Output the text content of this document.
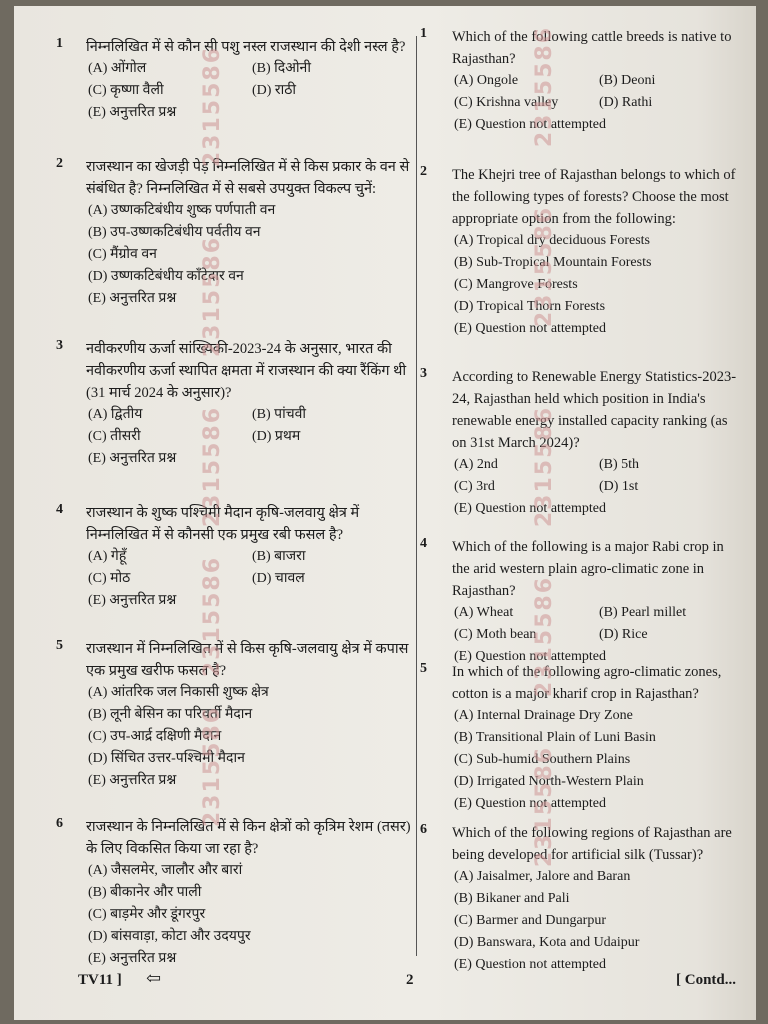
1 निम्नलिखित में से कौन सी पशु नस्ल राजस्थान की देशी नस्ल है?
(A) ओंगोल	(B) दिओनी
(C) कृष्णा वैली	(D) राठी
(E) अनुत्तरित प्रश्न
2 राजस्थान का खेजड़ी पेड़ निम्नलिखित में से किस प्रकार के वन से संबंधित है? निम्नलिखित में से सबसे उपयुक्त विकल्प चुनें:
(A) उष्णकटिबंधीय शुष्क पर्णपाती वन
(B) उप-उष्णकटिबंधीय पर्वतीय वन
(C) मैंग्रोव वन
(D) उष्णकटिबंधीय काँटेदार वन
(E) अनुत्तरित प्रश्न
3 नवीकरणीय ऊर्जा सांख्यिकी-2023-24 के अनुसार, भारत की नवीकरणीय ऊर्जा स्थापित क्षमता में राजस्थान की क्या रैंकिंग थी (31 मार्च 2024 के अनुसार)?
(A) द्वितीय	(B) पांचवी
(C) तीसरी	(D) प्रथम
(E) अनुत्तरित प्रश्न
4 राजस्थान के शुष्क पश्चिमी मैदान कृषि-जलवायु क्षेत्र में निम्नलिखित में से कौनसी एक प्रमुख रबी फसल है?
(A) गेहूँ	(B) बाजरा
(C) मोठ	(D) चावल
(E) अनुत्तरित प्रश्न
5 राजस्थान में निम्नलिखित में से किस कृषि-जलवायु क्षेत्र में कपास एक प्रमुख खरीफ फसल है?
(A) आंतरिक जल निकासी शुष्क क्षेत्र
(B) लूनी बेसिन का परिवर्ती मैदान
(C) उप-आर्द्र दक्षिणी मैदान
(D) सिंचित उत्तर-पश्चिमी मैदान
(E) अनुत्तरित प्रश्न
6 राजस्थान के निम्नलिखित में से किन क्षेत्रों को कृत्रिम रेशम (तसर) के लिए विकसित किया जा रहा है?
(A) जैसलमेर, जालौर और बारां
(B) बीकानेर और पाली
(C) बाड़मेर और डूंगरपुर
(D) बांसवाड़ा, कोटा और उदयपुर
(E) अनुत्तरित प्रश्न
1 Which of the following cattle breeds is native to Rajasthan?
(A) Ongole	(B) Deoni
(C) Krishna valley	(D) Rathi
(E) Question not attempted
2 The Khejri tree of Rajasthan belongs to which of the following types of forests? Choose the most appropriate option from the following:
(A) Tropical dry deciduous Forests
(B) Sub-Tropical Mountain Forests
(C) Mangrove Forests
(D) Tropical Thorn Forests
(E) Question not attempted
3 According to Renewable Energy Statistics-2023-24, Rajasthan held which position in India's renewable energy installed capacity ranking (as on 31st March 2024)?
(A) 2nd	(B) 5th
(C) 3rd	(D) 1st
(E) Question not attempted
4 Which of the following is a major Rabi crop in the arid western plain agro-climatic zone in Rajasthan?
(A) Wheat	(B) Pearl millet
(C) Moth bean	(D) Rice
(E) Question not attempted
5 In which of the following agro-climatic zones, cotton is a major kharif crop in Rajasthan?
(A) Internal Drainage Dry Zone
(B) Transitional Plain of Luni Basin
(C) Sub-humid Southern Plains
(D) Irrigated North-Western Plain
(E) Question not attempted
6 Which of the following regions of Rajasthan are being developed for artificial silk (Tussar)?
(A) Jaisalmer, Jalore and Baran
(B) Bikaner and Pali
(C) Barmer and Dungarpur
(D) Banswara, Kota and Udaipur
(E) Question not attempted
2315586
2315586
2315586
2315586
2315586
2315586
2315586
2315586
2315586
2315586
TV11 ] ⇦	2	[ Contd...
